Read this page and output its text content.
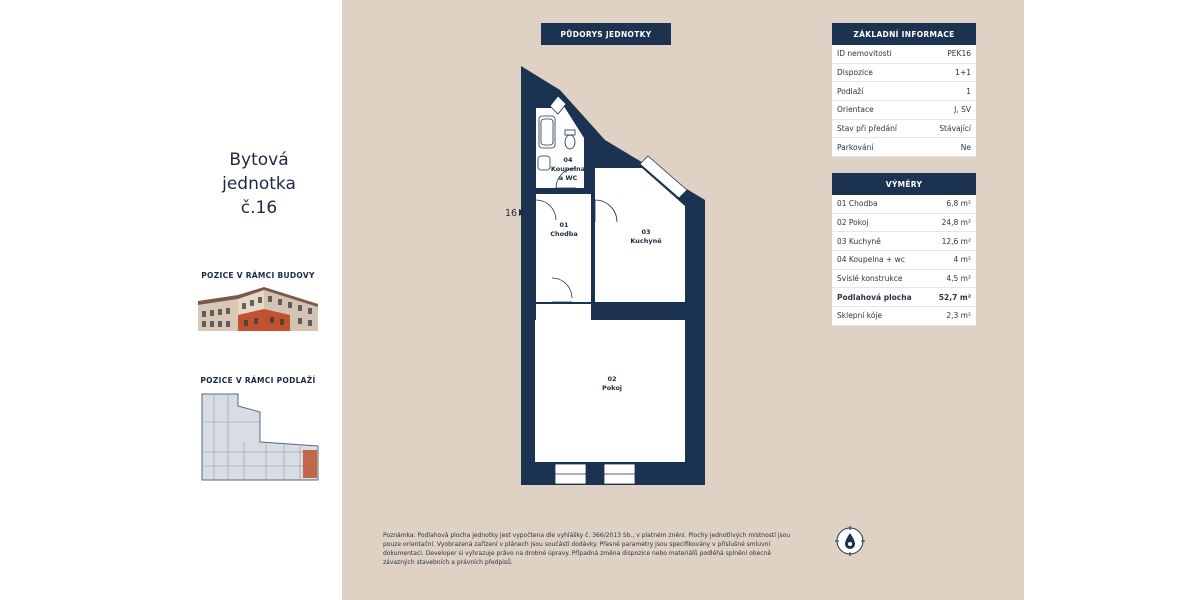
Bytová
jednotka
č.16
POZICE V RÁMCI BUDOVY
POZICE V RÁMCI PODLAŽÍ
PŮDORYS JEDNOTKY
04
Koupelna
a WC
01
Chodba	03
Kuchyně
02
Pokoj
16
ZÁKLADNÍ INFORMACE
ID nemovitosti	PEK16
Dispozice	1+1
Podlaží	1
Orientace	J, SV
Stav při předání	Stávající
Parkování	Ne
VÝMĚRY
01 Chodba	6,8 m²
02 Pokoj	24,8 m²
03 Kuchyně	12,6 m²
04 Koupelna + wc	4 m²
Svislé konstrukce	4,5 m²
Podlahová plocha	52,7 m²
Sklepní kóje	2,3 m²
Poznámka: Podlahová plocha jednotky jest vypočtena dle vyhlášky č. 366/2013 Sb., v platném znění. Plochy jednotlivých místností jsou pouze orientační. Vyobrazená zařízení v plánech jsou součástí dodávky. Přesné parametry jsou specifikovány v příslušné smluvní dokumentaci. Developer si vyhrazuje právo na drobné úpravy. Případná změna dispozice nebo materiálů podléhá splnění obecně závazných stavebních a právních předpisů.
